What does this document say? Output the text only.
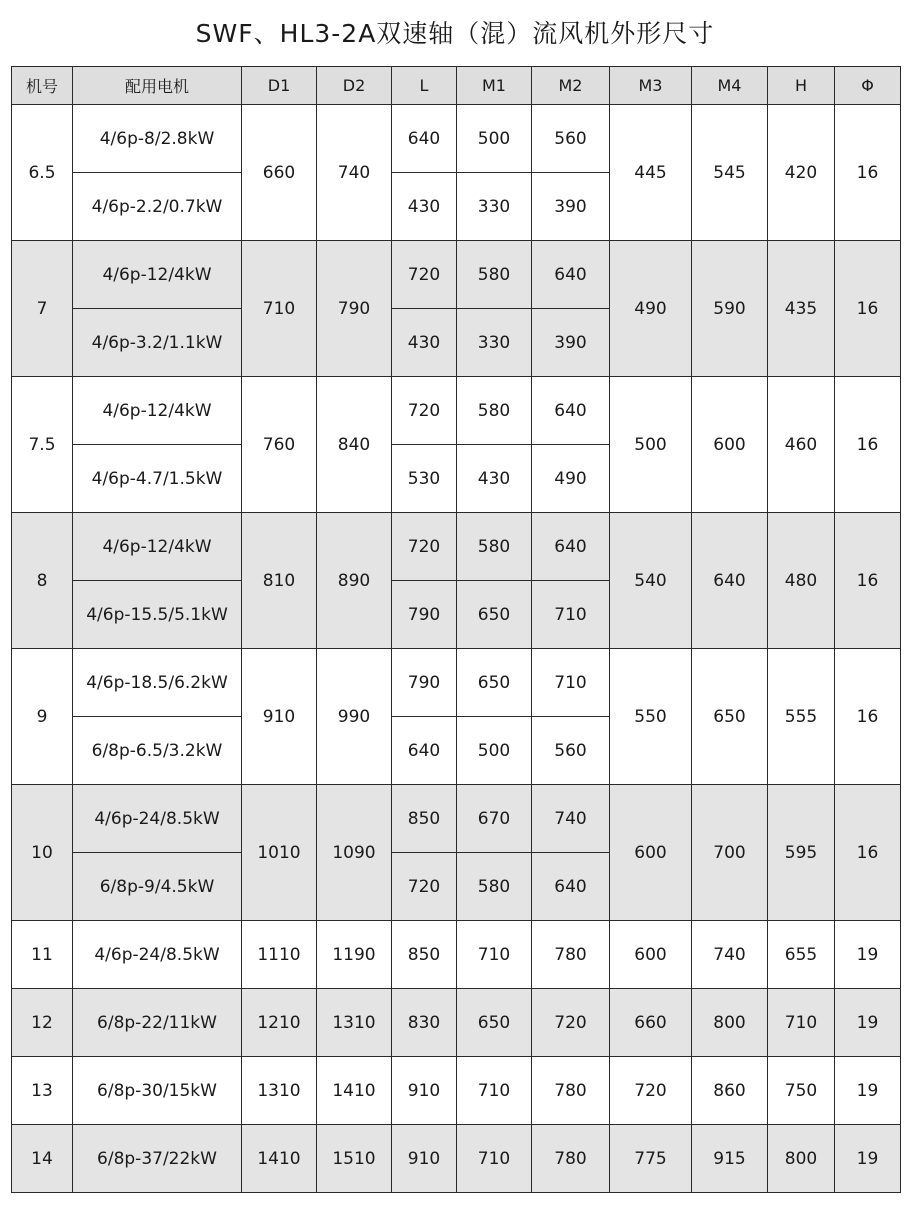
SWF、HL3-2A双速轴（混）流风机外形尺寸
机号	配用电机	D1	D2	L	M1	M2	M3	M4	H	Φ
6.5	4/6p-8/2.8kW	660	740	640	500	560	445	545	420	16
	4/6p-2.2/0.7kW			430	330	390				
7	4/6p-12/4kW	710	790	720	580	640	490	590	435	16
	4/6p-3.2/1.1kW			430	330	390				
7.5	4/6p-12/4kW	760	840	720	580	640	500	600	460	16
	4/6p-4.7/1.5kW			530	430	490				
8	4/6p-12/4kW	810	890	720	580	640	540	640	480	16
	4/6p-15.5/5.1kW			790	650	710				
9	4/6p-18.5/6.2kW	910	990	790	650	710	550	650	555	16
	6/8p-6.5/3.2kW			640	500	560				
10	4/6p-24/8.5kW	1010	1090	850	670	740	600	700	595	16
	6/8p-9/4.5kW			720	580	640				
11	4/6p-24/8.5kW	1110	1190	850	710	780	600	740	655	19
12	6/8p-22/11kW	1210	1310	830	650	720	660	800	710	19
13	6/8p-30/15kW	1310	1410	910	710	780	720	860	750	19
14	6/8p-37/22kW	1410	1510	910	710	780	775	915	800	19
